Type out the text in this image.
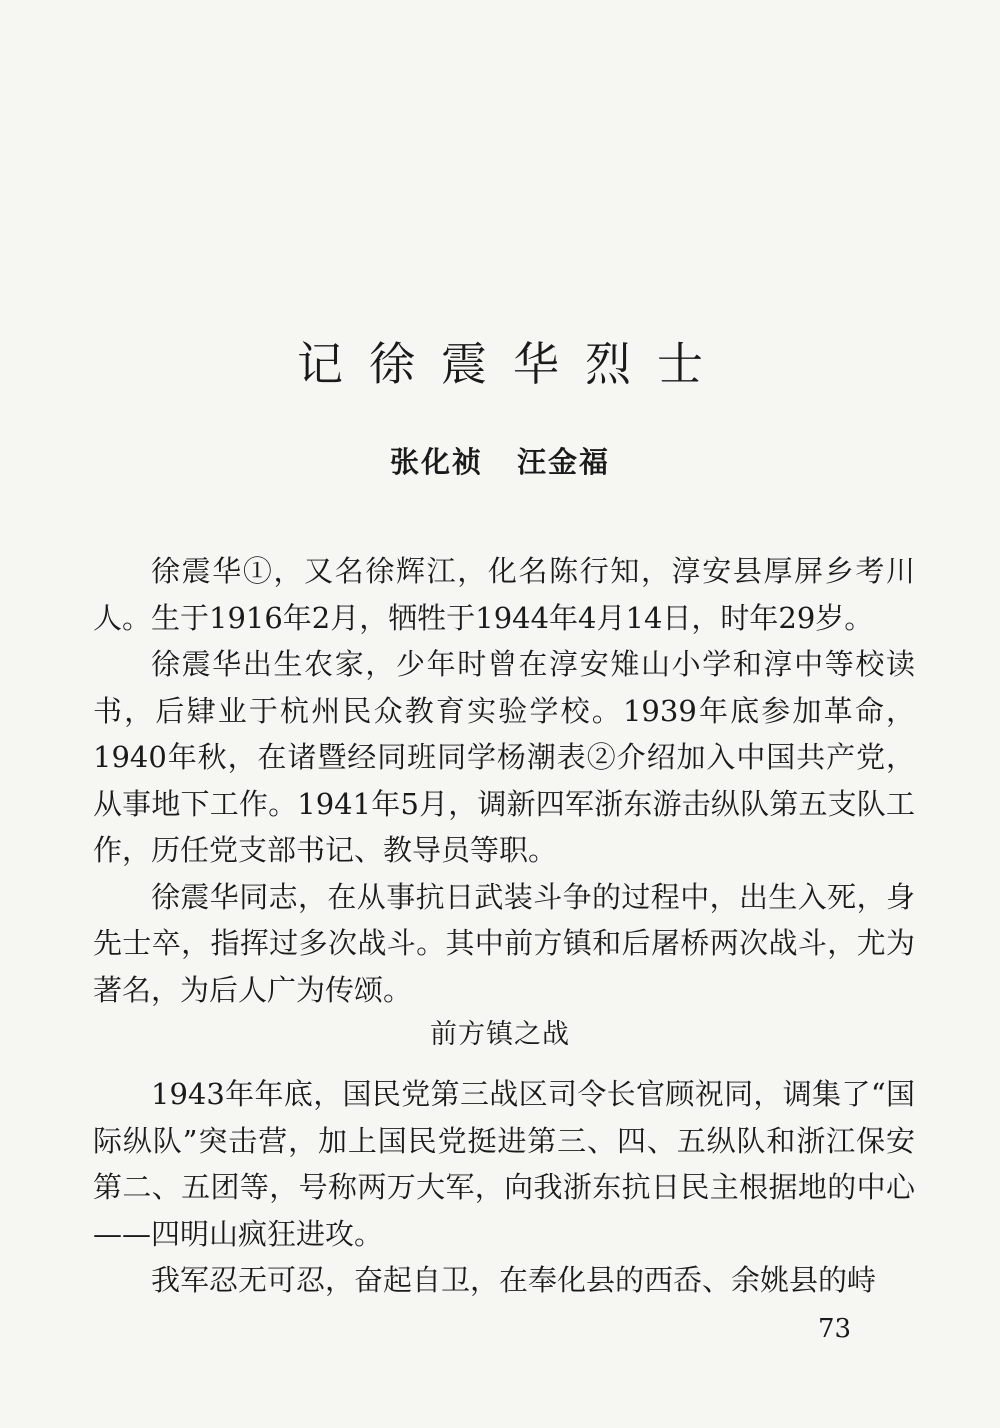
记徐震华烈士
张化祯 汪金福

徐震华①，又名徐辉江，化名陈行知，淳安县厚屏乡考川人。生于1916年2月，牺牲于1944年4月14日，时年29岁。

徐震华出生农家，少年时曾在淳安雉山小学和淳中等校读书，后肄业于杭州民众教育实验学校。1939年底参加革命，1940年秋，在诸暨经同班同学杨潮表②介绍加入中国共产党，从事地下工作。1941年5月，调新四军浙东游击纵队第五支队工作，历任党支部书记、教导员等职。

徐震华同志，在从事抗日武装斗争的过程中，出生入死，身先士卒，指挥过多次战斗。其中前方镇和后屠桥两次战斗，尤为著名，为后人广为传颂。

前方镇之战

1943年年底，国民党第三战区司令长官顾祝同，调集了“国际纵队”突击营，加上国民党挺进第三、四、五纵队和浙江保安第二、五团等，号称两万大军，向我浙东抗日民主根据地的中心——四明山疯狂进攻。

我军忍无可忍，奋起自卫，在奉化县的西岙、余姚县的峙

73
